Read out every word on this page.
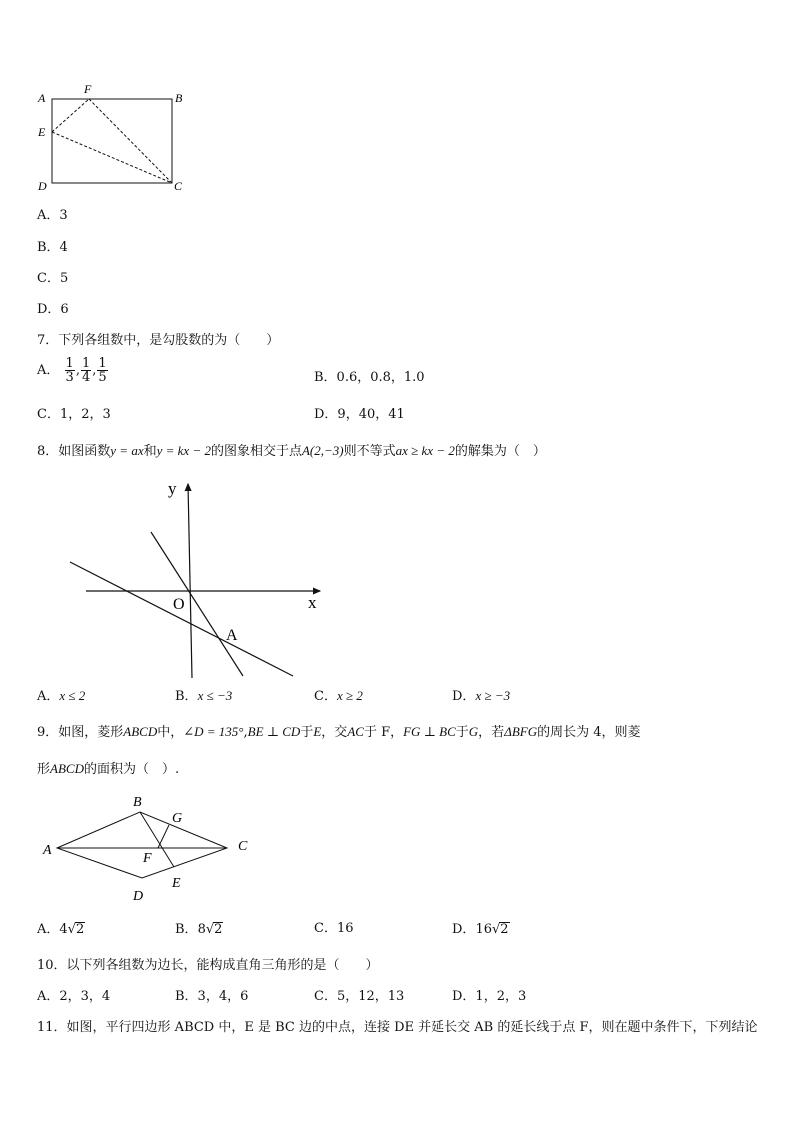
A
F
B
E
D	C
A．3
B．4
C．5
D．6
7．下列各组数中，是勾股数的为（　　）
A． $\frac{1}{3}$ , $\frac{1}{4}$ , $\frac{1}{5}$	B．0.6，0.8，1.0
C．1，2，3	D．9，40，41
8．如图函数y = ax和y = kx − 2的图象相交于点A(2,−3)则不等式ax ≥ kx − 2的解集为（　）
y
x
O
A
A．x ≤ 2	B．x ≤ −3	C．x ≥ 2	D．x ≥ −3
9．如图，菱形ABCD中，∠D = 135°,BE ⊥ CD于E，交AC于 F，FG ⊥ BC于G，若ΔBFG的周长为 4，则菱
形ABCD的面积为（　）.
A
B
G
C
F
E
D
A．4√2	B．8√2	C．16	D．16√2
10．以下列各组数为边长，能构成直角三角形的是（　　）
A．2，3，4	B．3，4，6	C．5，12，13	D．1，2，3
11．如图，平行四边形 ABCD 中，E 是 BC 边的中点，连接 DE 并延长交 AB 的延长线于点 F，则在题中条件下，下列结论
